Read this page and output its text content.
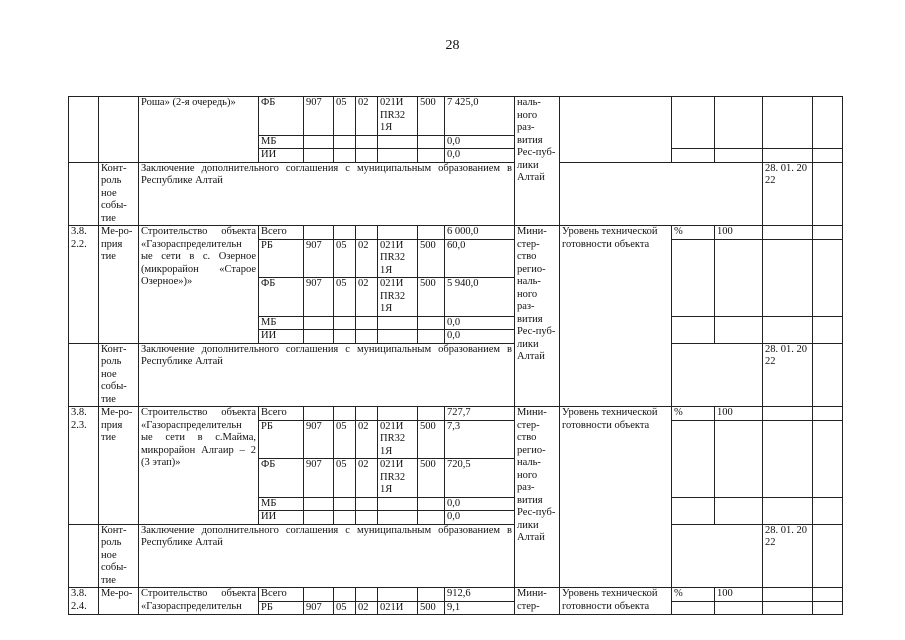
28
		Роша» (2-я очередь)»	ФБ	907	05	02	021И ПR32 1Я	500	7 425,0	наль-ного раз-вития Рес-пуб-лики Алтай					
			МБ						0,0						
			ИИ						0,0						
	Конт-роль ное собы-тие	Заключение дополнительного соглашения с муниципальным образованием в Республике Алтай												28. 01. 20 22	
3.8. 2.2.	Ме-ро-прия тие	Строительство объекта «Газораспределительн ые сети в с. Озерное (микрорайон «Старое Озерное»)»	Всего						6 000,0	Мини-стер-ство регио-наль-ного раз-вития Рес-пуб-лики Алтай	Уровень технической готовности объекта	%	100		
			РБ	907	05	02	021И ПR32 1Я	500	60,0						
			ФБ	907	05	02	021И ПR32 1Я	500	5 940,0						
			МБ						0,0						
			ИИ						0,0						
	Конт-роль ное собы-тие	Заключение дополнительного соглашения с муниципальным образованием в Республике Алтай												28. 01. 20 22	
3.8. 2.3.	Ме-ро-прия тие	Строительство объекта «Газораспределительн ые сети в с.Майма, микрорайон Алгаир – 2 (3 этап)»	Всего						727,7	Мини-стер-ство регио-наль-ного раз-вития Рес-пуб-лики Алтай	Уровень технической готовности объекта	%	100		
			РБ	907	05	02	021И ПR32 1Я	500	7,3						
			ФБ	907	05	02	021И ПR32 1Я	500	720,5						
			МБ						0,0						
			ИИ						0,0						
	Конт-роль ное собы-тие	Заключение дополнительного соглашения с муниципальным образованием в Республике Алтай												28. 01. 20 22	
3.8. 2.4.	Ме-ро-	Строительство объекта «Газораспределительн	Всего						912,6	Мини-стер-	Уровень технической готовности объекта	%	100		
			РБ	907	05	02	021И	500	9,1						
